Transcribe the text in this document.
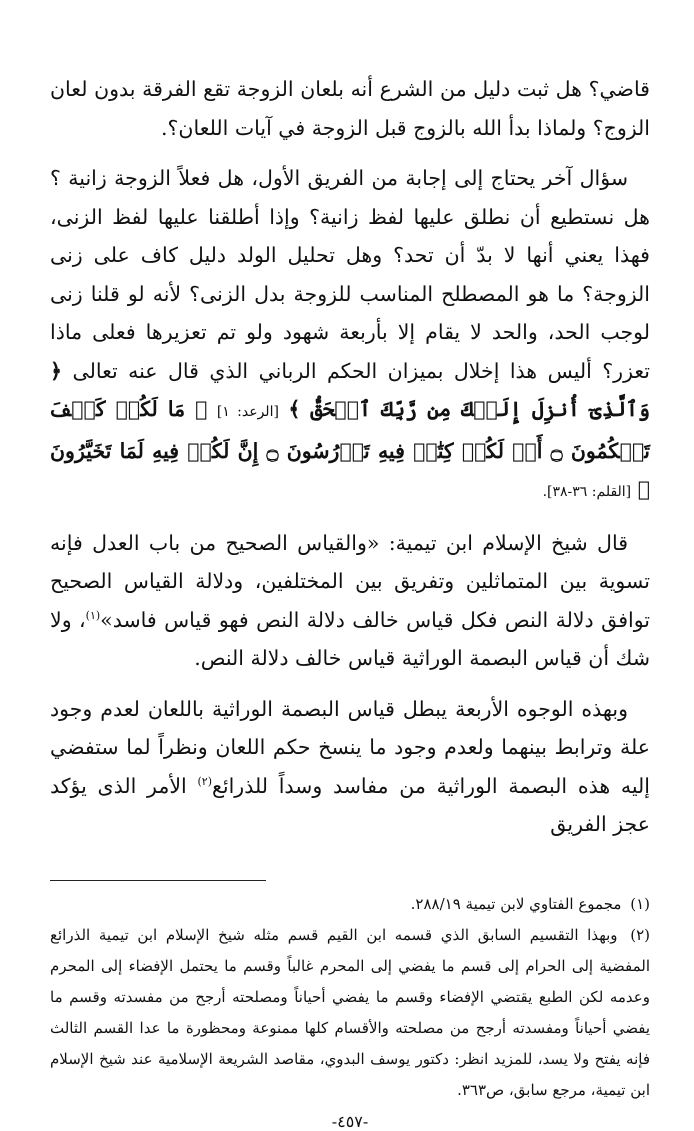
قاضي؟ هل ثبت دليل من الشرع أنه بلعان الزوجة تقع الفرقة بدون لعان الزوج؟ ولماذا بدأ الله بالزوج قبل الزوجة في آيات اللعان؟.

سؤال آخر يحتاج إلى إجابة من الفريق الأول، هل فعلاً الزوجة زانية ؟ هل نستطيع أن نطلق عليها لفظ زانية؟ وإذا أطلقنا عليها لفظ الزنى، فهذا يعني أنها لا بدّ أن تحد؟ وهل تحليل الولد دليل كاف على زنى الزوجة؟ ما هو المصطلح المناسب للزوجة بدل الزنى؟ لأنه لو قلنا زنى لوجب الحد، والحد لا يقام إلا بأربعة شهود ولو تم تعزيرها فعلى ماذا تعزر؟ أليس هذا إخلال بميزان الحكم الرباني الذي قال عنه تعالى ﴿ وَٱلَّذِىٓ أُنزِلَ إِلَيۡكَ مِن رَّبِّكَ ٱلۡحَقُّ ﴾ [الرعد: ١] ﴿ مَا لَكُمۡ كَيۡفَ تَحۡكُمُونَ ۝ أَمۡ لَكُمۡ كِتَٰبٞ فِيهِ تَدۡرُسُونَ ۝ إِنَّ لَكُمۡ فِيهِ لَمَا تَخَيَّرُونَ ﴾ [القلم: ٣٦-٣٨].

قال شيخ الإسلام ابن تيمية: «والقياس الصحيح من باب العدل فإنه تسوية بين المتماثلين وتفريق بين المختلفين، ودلالة القياس الصحيح توافق دلالة النص فكل قياس خالف دلالة النص فهو قياس فاسد»$^{(١)}$، ولا شك أن قياس البصمة الوراثية قياس خالف دلالة النص.

وبهذه الوجوه الأربعة يبطل قياس البصمة الوراثية باللعان لعدم وجود علة وترابط بينهما ولعدم وجود ما ينسخ حكم اللعان ونظراً لما ستفضي إليه هذه البصمة الوراثية من مفاسد وسداً للذرائع$^{(٢)}$ الأمر الذى يؤكد عجز الفريق

(١) مجموع الفتاوي لابن تيمية ٢٨٨/١٩.

(٢) وبهذا التقسيم السابق الذي قسمه ابن القيم قسم مثله شيخ الإسلام ابن تيمية الذرائع المفضية إلى الحرام إلى قسم ما يفضي إلى المحرم غالباً وقسم ما يحتمل الإفضاء إلى المحرم وعدمه لكن الطبع يقتضي الإفضاء وقسم ما يفضي أحياناً ومصلحته أرجح من مفسدته وقسم ما يفضي أحياناً ومفسدته أرجح من مصلحته والأقسام كلها ممنوعة ومحظورة ما عدا القسم الثالث فإنه يفتح ولا يسد، للمزيد انظر: دكتور يوسف البدوي، مقاصد الشريعة الإسلامية عند شيخ الإسلام ابن تيمية، مرجع سابق، ص٣٦٣.

-٤٥٧-
